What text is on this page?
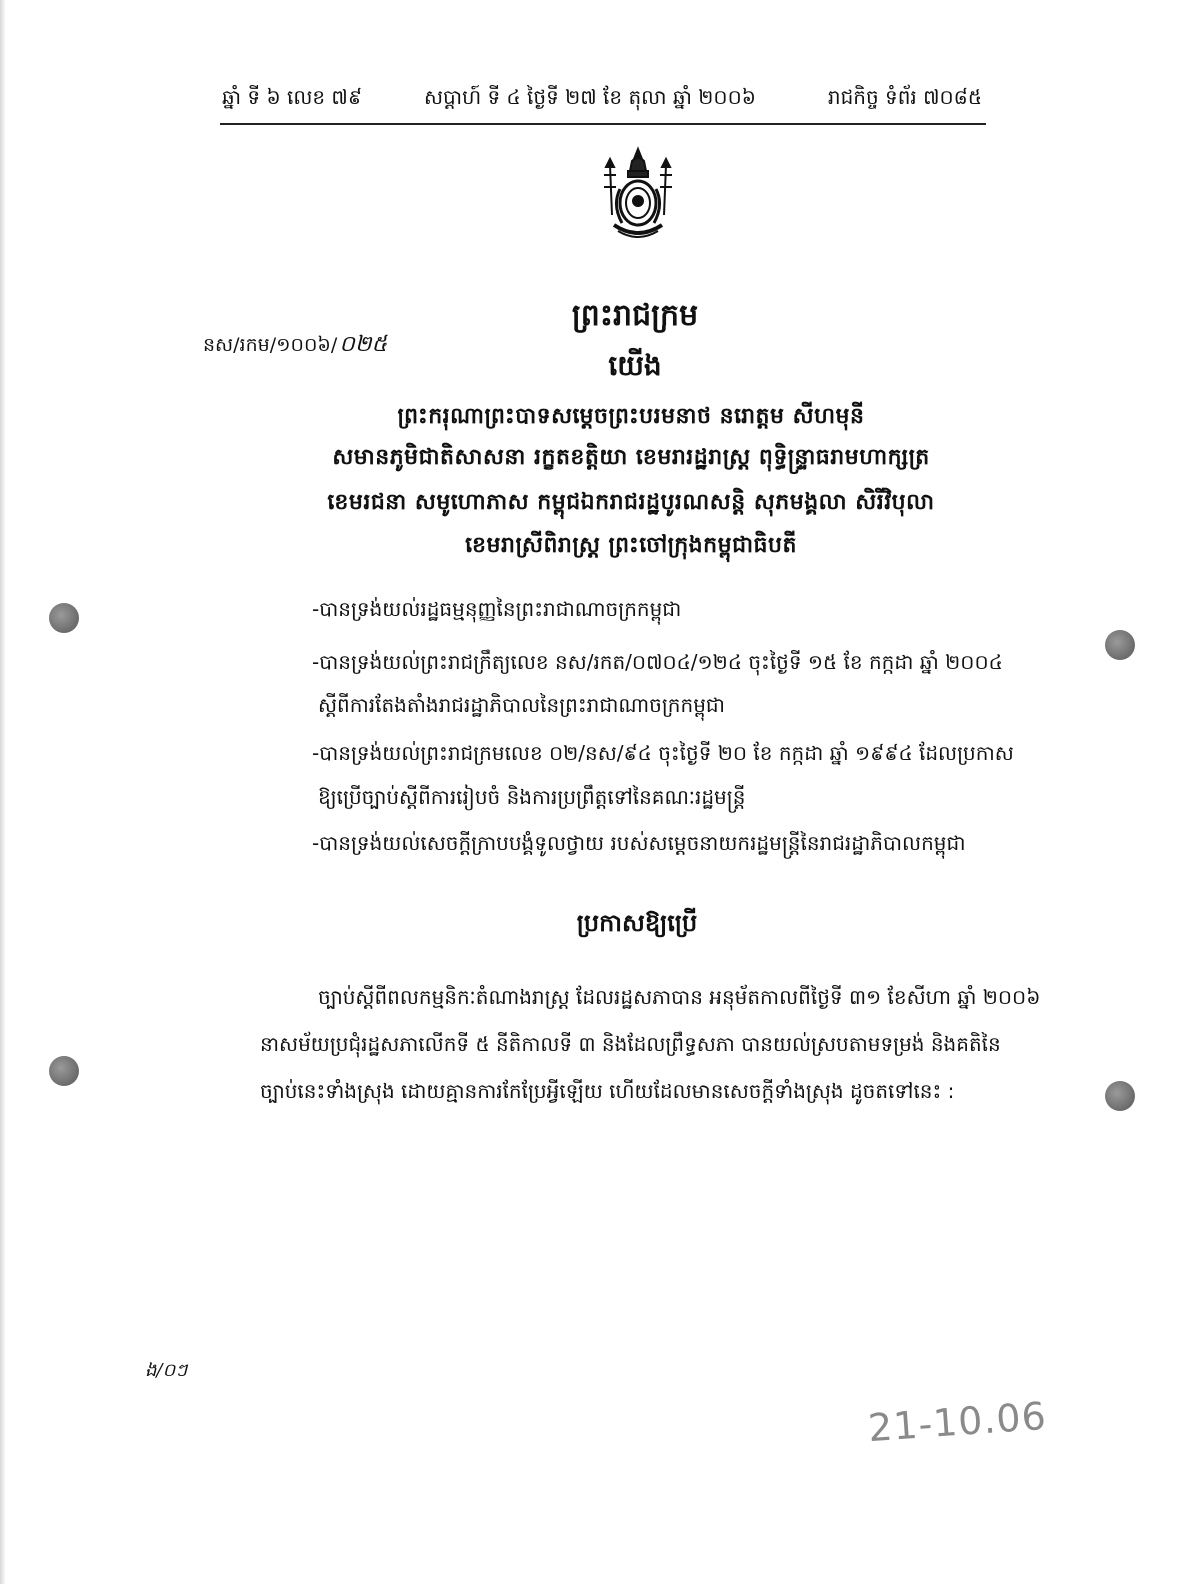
ឆ្នាំ ទី ៦ លេខ ៧៩	សប្តាហ៍ ទី ៤ ថ្ងៃទី ២៧ ខែ តុលា ឆ្នាំ ២០០៦	រាជកិច្ច ទំព័រ ៧០៨៥
នស/រកម/១០០៦/០២៥
ព្រះរាជក្រម
យើង
ព្រះករុណាព្រះបាទសម្តេចព្រះបរមនាថ នរោត្តម សីហមុនី
សមានភូមិជាតិសាសនា រក្ខតខត្តិយា ខេមរារដ្ឋរាស្ត្រ ពុទ្ធិន្ទ្រាធរាមហាក្សត្រ
ខេមរជនា សមូហោភាស កម្ពុជឯករាជរដ្ឋបូរណសន្តិ សុភមង្គលា សិរីវិបុលា
ខេមរាស្រីពិរាស្ត្រ ព្រះចៅក្រុងកម្ពុជាធិបតី
-បានទ្រង់យល់រដ្ឋធម្មនុញ្ញនៃព្រះរាជាណាចក្រកម្ពុជា
-បានទ្រង់យល់ព្រះរាជក្រឹត្យលេខ នស/រកត/០៧០៤/១២៤ ចុះថ្ងៃទី ១៥ ខែ កក្កដា ឆ្នាំ ២០០៤
ស្តីពីការតែងតាំងរាជរដ្ឋាភិបាលនៃព្រះរាជាណាចក្រកម្ពុជា
-បានទ្រង់យល់ព្រះរាជក្រមលេខ ០២/នស/៩៤ ចុះថ្ងៃទី ២០ ខែ កក្កដា ឆ្នាំ ១៩៩៤ ដែលប្រកាស
ឱ្យប្រើច្បាប់ស្តីពីការរៀបចំ និងការប្រព្រឹត្តទៅនៃគណៈរដ្ឋមន្ត្រី
-បានទ្រង់យល់សេចក្តីក្រាបបង្គំទូលថ្វាយ របស់សម្តេចនាយករដ្ឋមន្ត្រីនៃរាជរដ្ឋាភិបាលកម្ពុជា
ប្រកាសឱ្យប្រើ
ច្បាប់ស្តីពីពលកម្មនិកៈតំណាងរាស្ត្រ ដែលរដ្ឋសភាបាន អនុម័តកាលពីថ្ងៃទី ៣១ ខែសីហា ឆ្នាំ ២០០៦
នាសម័យប្រជុំរដ្ឋសភាលើកទី ៥ នីតិកាលទី ៣ និងដែលព្រឹទ្ធសភា បានយល់ស្របតាមទម្រង់ និងគតិនៃ
ច្បាប់នេះទាំងស្រុង ដោយគ្មានការកែប្រែអ្វីឡើយ ហើយដែលមានសេចក្តីទាំងស្រុង ដូចតទៅនេះ :
ង/០ៗ
21-10.06
